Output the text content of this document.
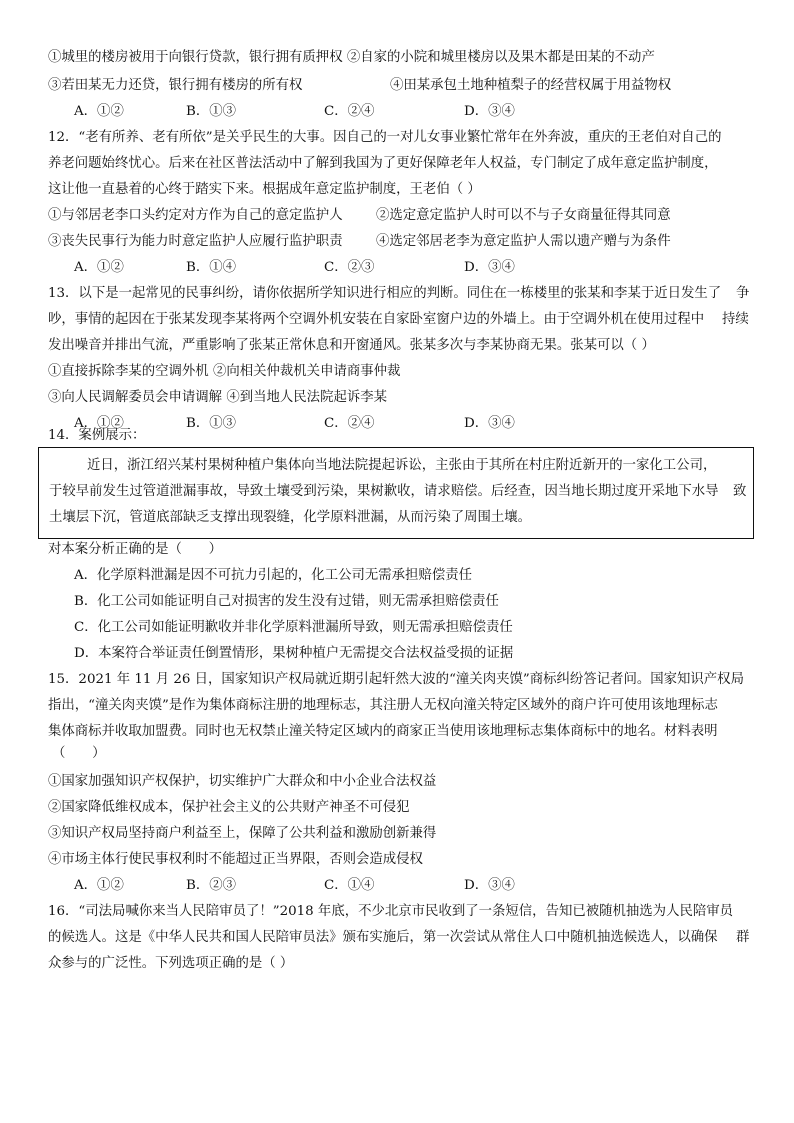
①城里的楼房被用于向银行贷款，银行拥有质押权 ②自家的小院和城里楼房以及果木都是田某的不动产
③若田某无力还贷，银行拥有楼房的所有权	④田某承包土地种植梨子的经营权属于用益物权
A．①②	B．①③	C．②④	D．③④
12．“老有所养、老有所依”是关乎民生的大事。因自己的一对儿女事业繁忙常年在外奔波，重庆的王老伯对自己的
养老问题始终忧心。后来在社区普法活动中了解到我国为了更好保障老年人权益，专门制定了成年意定监护制度，
这让他一直悬着的心终于踏实下来。根据成年意定监护制度，王老伯（ ）
①与邻居老李口头约定对方作为自己的意定监护人 ②选定意定监护人时可以不与子女商量征得其同意
③丧失民事行为能力时意定监护人应履行监护职责 ④选定邻居老李为意定监护人需以遗产赠与为条件
A．①②	B．①④	C．②③	D．③④
13．以下是一起常见的民事纠纷，请你依据所学知识进行相应的判断。同住在一栋楼里的张某和李某于近日发生了 争
吵，事情的起因在于张某发现李某将两个空调外机安装在自家卧室窗户边的外墙上。由于空调外机在使用过程中 持续
发出噪音并排出气流，严重影响了张某正常休息和开窗通风。张某多次与李某协商无果。张某可以（ ）
①直接拆除李某的空调外机 ②向相关仲裁机关申请商事仲裁
③向人民调解委员会申请调解 ④到当地人民法院起诉李某
A．①②	B．①③	C．②④	D．③④
14．案例展示：
近日，浙江绍兴某村果树种植户集体向当地法院提起诉讼，主张由于其所在村庄附近新开的一家化工公司，
于较早前发生过管道泄漏事故，导致土壤受到污染，果树歉收，请求赔偿。后经查，因当地长期过度开采地下水导 致
土壤层下沉，管道底部缺乏支撑出现裂缝，化学原料泄漏，从而污染了周围土壤。
对本案分析正确的是（　　）
A．化学原料泄漏是因不可抗力引起的，化工公司无需承担赔偿责任
B．化工公司如能证明自己对损害的发生没有过错，则无需承担赔偿责任
C．化工公司如能证明歉收并非化学原料泄漏所导致，则无需承担赔偿责任
D．本案符合举证责任倒置情形，果树种植户无需提交合法权益受损的证据
15．2021 年 11 月 26 日，国家知识产权局就近期引起轩然大波的“潼关肉夹馍”商标纠纷答记者问。国家知识产权局
指出，“潼关肉夹馍”是作为集体商标注册的地理标志，其注册人无权向潼关特定区域外的商户许可使用该地理标志
集体商标并收取加盟费。同时也无权禁止潼关特定区域内的商家正当使用该地理标志集体商标中的地名。材料表明
（　　）
①国家加强知识产权保护，切实维护广大群众和中小企业合法权益
②国家降低维权成本，保护社会主义的公共财产神圣不可侵犯
③知识产权局坚持商户利益至上，保障了公共利益和激励创新兼得
④市场主体行使民事权利时不能超过正当界限，否则会造成侵权
A．①②	B．②③	C．①④	D．③④
16．“司法局喊你来当人民陪审员了！”2018 年底，不少北京市民收到了一条短信，告知已被随机抽选为人民陪审员
的候选人。这是《中华人民共和国人民陪审员法》颁布实施后，第一次尝试从常住人口中随机抽选候选人，以确保 群
众参与的广泛性。下列选项正确的是（ ）
